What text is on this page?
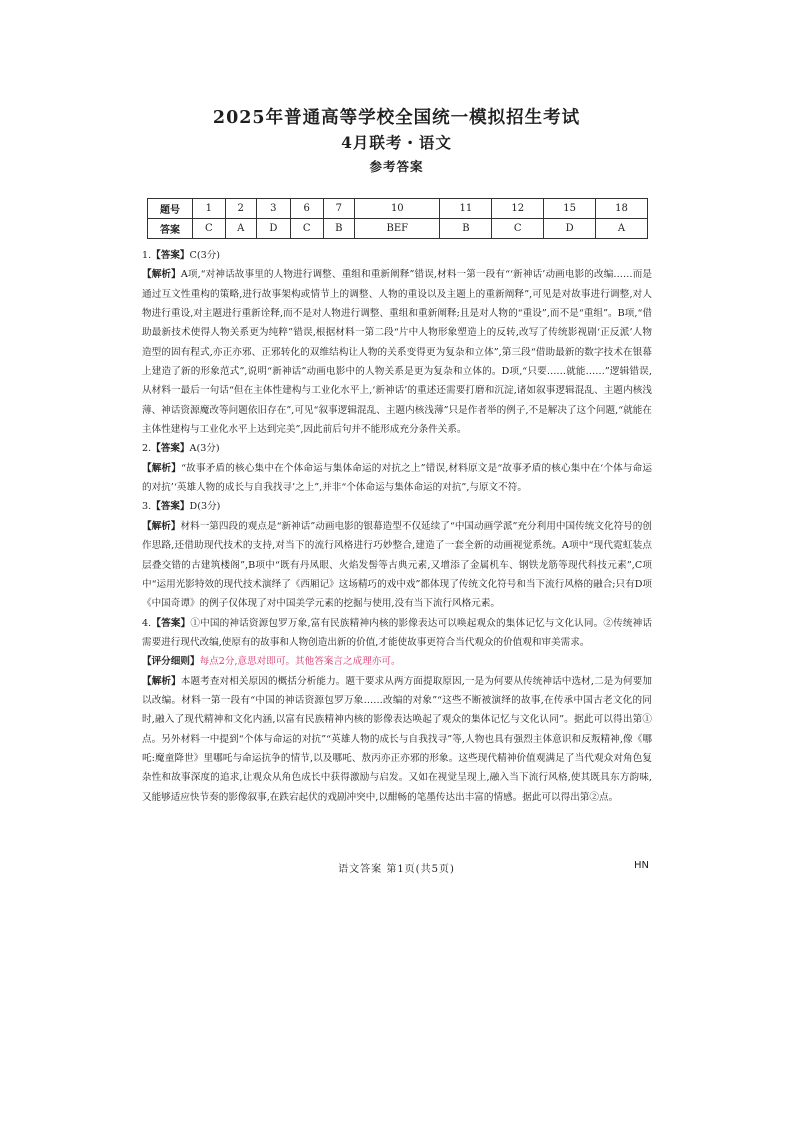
2025年普通高等学校全国统一模拟招生考试
4月联考・语文
参考答案
题号	1	2	3	6	7	10	11	12	15	18
答案	C	A	D	C	B	BEF	B	C	D	A

1.【答案】C(3分)

【解析】A项,“对神话故事里的人物进行调整、重组和重新阐释”错误,材料一第一段有“‘新神话’动画电影的改编……而是通过互文性重构的策略,进行故事架构或情节上的调整、人物的重设以及主题上的重新阐释”,可见是对故事进行调整,对人物进行重设,对主题进行重新诠释,而不是对人物进行调整、重组和重新阐释;且是对人物的“重设”,而不是“重组”。B项,“借助最新技术使得人物关系更为纯粹”错误,根据材料一第二段“片中人物形象塑造上的反转,改写了传统影视剧‘正反派’人物造型的固有程式,亦正亦邪、正邪转化的双维结构让人物的关系变得更为复杂和立体”,第三段“借助最新的数字技术在银幕上建造了新的形象范式”,说明“新神话”动画电影中的人物关系是更为复杂和立体的。D项,“只要……就能……”逻辑错误,从材料一最后一句话“但在主体性建构与工业化水平上,‘新神话’的重述还需要打磨和沉淀,诸如叙事逻辑混乱、主题内核浅薄、神话资源魔改等问题依旧存在”,可见“叙事逻辑混乱、主题内核浅薄”只是作者举的例子,不是解决了这个问题,“就能在主体性建构与工业化水平上达到完美”,因此前后句并不能形成充分条件关系。

2.【答案】A(3分)

【解析】“故事矛盾的核心集中在个体命运与集体命运的对抗之上”错误,材料原文是“故事矛盾的核心集中在‘个体与命运的对抗’‘英雄人物的成长与自我找寻’之上”,并非“个体命运与集体命运的对抗”,与原文不符。

3.【答案】D(3分)

【解析】材料一第四段的观点是“新神话”动画电影的银幕造型不仅延续了“中国动画学派”充分利用中国传统文化符号的创作思路,还借助现代技术的支持,对当下的流行风格进行巧妙整合,建造了一套全新的动画视觉系统。A项中“现代霓虹装点层叠交错的古建筑楼阁”,B项中“既有丹凤眼、火焰发髻等古典元素,又增添了金属机车、钢铁龙筋等现代科技元素”,C项中“运用光影特效的现代技术演绎了《西厢记》这场精巧的戏中戏”都体现了传统文化符号和当下流行风格的融合;只有D项《中国奇谭》的例子仅体现了对中国美学元素的挖掘与使用,没有当下流行风格元素。

4.【答案】①中国的神话资源包罗万象,富有民族精神内核的影像表达可以唤起观众的集体记忆与文化认同。②传统神话需要进行现代改编,使原有的故事和人物创造出新的价值,才能使故事更符合当代观众的价值观和审美需求。

【评分细则】每点2分,意思对即可。其他答案言之成理亦可。

【解析】本题考查对相关原因的概括分析能力。题干要求从两方面提取原因,一是为何要从传统神话中选材,二是为何要加以改编。材料一第一段有“中国的神话资源包罗万象……改编的对象”“这些不断被演绎的故事,在传承中国古老文化的同时,融入了现代精神和文化内涵,以富有民族精神内核的影像表达唤起了观众的集体记忆与文化认同”。据此可以得出第①点。另外材料一中提到“个体与命运的对抗”“英雄人物的成长与自我找寻”等,人物也具有强烈主体意识和反叛精神,像《哪吒:魔童降世》里哪吒与命运抗争的情节,以及哪吒、敖丙亦正亦邪的形象。这些现代精神价值观满足了当代观众对角色复杂性和故事深度的追求,让观众从角色成长中获得激励与启发。又如在视觉呈现上,融入当下流行风格,使其既具东方韵味,又能够适应快节奏的影像叙事,在跌宕起伏的戏剧冲突中,以酣畅的笔墨传达出丰富的情感。据此可以得出第②点。

语文答案 第1页(共5页)	HN
